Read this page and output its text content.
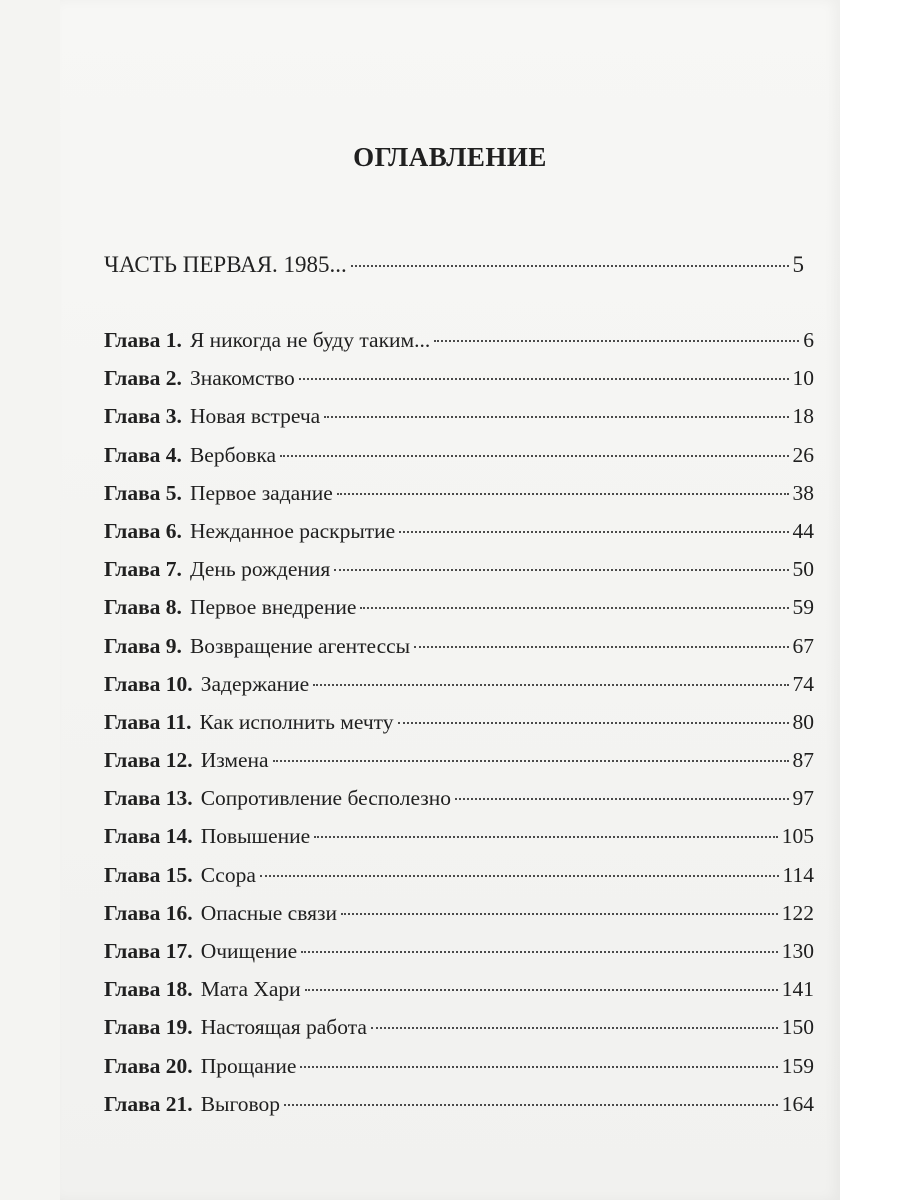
ОГЛАВЛЕНИЕ
ЧАСТЬ ПЕРВАЯ. 1985...	5
Глава 1. Я никогда не буду таким...	6
Глава 2. Знакомство	10
Глава 3. Новая встреча	18
Глава 4. Вербовка	26
Глава 5. Первое задание	38
Глава 6. Нежданное раскрытие	44
Глава 7. День рождения	50
Глава 8. Первое внедрение	59
Глава 9. Возвращение агентессы	67
Глава 10. Задержание	74
Глава 11. Как исполнить мечту	80
Глава 12. Измена	87
Глава 13. Сопротивление бесполезно	97
Глава 14. Повышение	105
Глава 15. Ссора	114
Глава 16. Опасные связи	122
Глава 17. Очищение	130
Глава 18. Мата Хари	141
Глава 19. Настоящая работа	150
Глава 20. Прощание	159
Глава 21. Выговор	164
